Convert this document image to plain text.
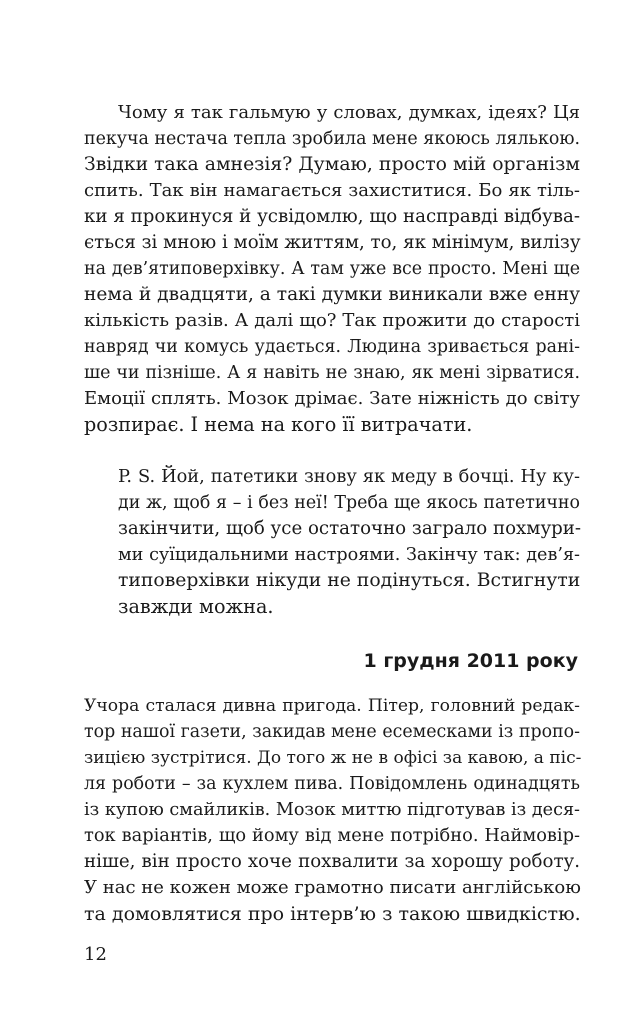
Чому я так гальмую у словах, думках, ідеях? Ця
пекуча нестача тепла зробила мене якоюсь лялькою.
Звідки така амнезія? Думаю, просто мій організм
спить. Так він намагається захиститися. Бо як тіль-
ки я прокинуся й усвідомлю, що насправді відбува-
ється зі мною і моїм життям, то, як мінімум, вилізу
на дев’ятиповерхівку. А там уже все просто. Мені ще
нема й двадцяти, а такі думки виникали вже енну
кількість разів. А далі що? Так прожити до старості
навряд чи комусь удається. Людина зривається рані-
ше чи пізніше. А я навіть не знаю, як мені зірватися.
Емоції сплять. Мозок дрімає. Зате ніжність до світу
розпирає. І нема на кого її витрачати.
P. S. Йой, патетики знову як меду в бочці. Ну ку-
ди ж, щоб я – і без неї! Треба ще якось патетично
закінчити, щоб усе остаточно заграло похмури-
ми суїцидальними настроями. Закінчу так: дев’я-
типоверхівки нікуди не подінуться. Встигнути
завжди можна.
1 грудня 2011 року
Учора сталася дивна пригода. Пітер, головний редак-
тор нашої газети, закидав мене есемесками із пропо-
зицією зустрітися. До того ж не в офісі за кавою, а піс-
ля роботи – за кухлем пива. Повідомлень одинадцять
із купою смайликів. Мозок миттю підготував із деся-
ток варіантів, що йому від мене потрібно. Наймовір-
ніше, він просто хоче похвалити за хорошу роботу.
У нас не кожен може грамотно писати англійською
та домовлятися про інтерв’ю з такою швидкістю.
12
